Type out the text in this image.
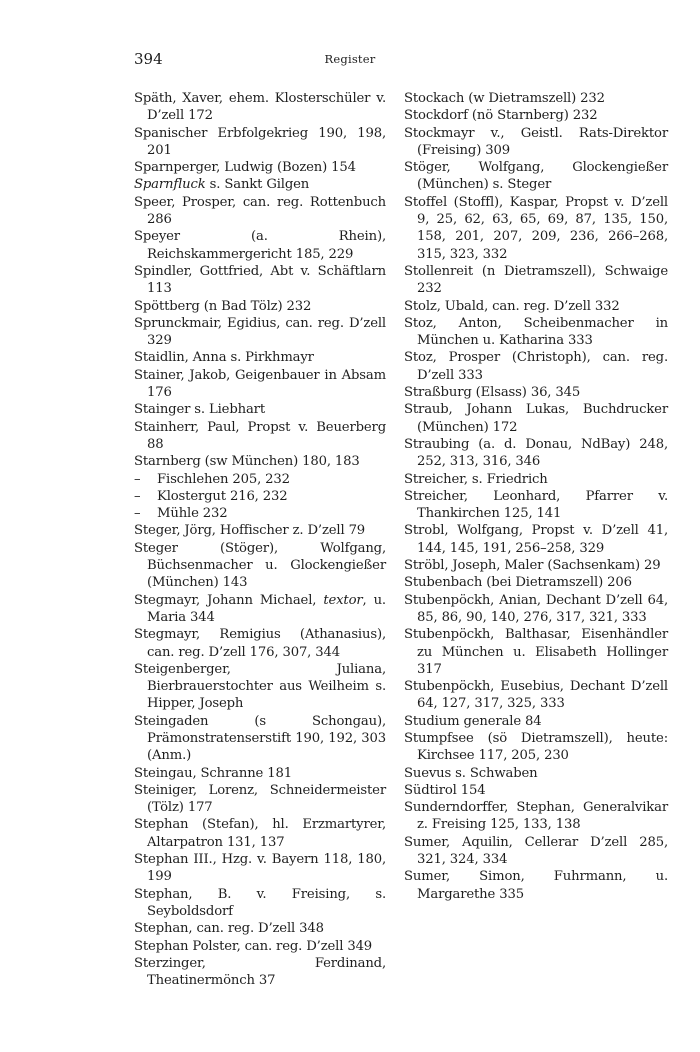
394	Register
Späth, Xaver, ehem. Klosterschüler v. D’zell 172
Spanischer Erbfolgekrieg 190, 198, 201
Sparnperger, Ludwig (Bozen) 154
Sparnfluck s. Sankt Gilgen
Speer, Prosper, can. reg. Rottenbuch 286
Speyer (a. Rhein), Reichskammergericht 185, 229
Spindler, Gottfried, Abt v. Schäftlarn 113
Spöttberg (n Bad Tölz) 232
Sprunckmair, Egidius, can. reg. D’zell 329
Staidlin, Anna s. Pirkhmayr
Stainer, Jakob, Geigenbauer in Absam 176
Stainger s. Liebhart
Stainherr, Paul, Propst v. Beuerberg 88
Starnberg (sw München) 180, 183
– Fischlehen 205, 232
– Klostergut 216, 232
– Mühle 232
Steger, Jörg, Hoffischer z. D’zell 79
Steger (Stöger), Wolfgang, Büchsenmacher u. Glockengießer (München) 143
Stegmayr, Johann Michael, textor, u. Maria 344
Stegmayr, Remigius (Athanasius), can. reg. D’zell 176, 307, 344
Steigenberger, Juliana, Bierbrauerstochter aus Weilheim s. Hipper, Joseph
Steingaden (s Schongau), Prämonstratenserstift 190, 192, 303 (Anm.)
Steingau, Schranne 181
Steiniger, Lorenz, Schneidermeister (Tölz) 177
Stephan (Stefan), hl. Erzmartyrer, Altarpatron 131, 137
Stephan III., Hzg. v. Bayern 118, 180, 199
Stephan, B. v. Freising, s. Seyboldsdorf
Stephan, can. reg. D’zell 348
Stephan Polster, can. reg. D’zell 349
Sterzinger, Ferdinand, Theatinermönch 37
Stockach (w Dietramszell) 232
Stockdorf (nö Starnberg) 232
Stockmayr v., Geistl. Rats-Direktor (Freising) 309
Stöger, Wolfgang, Glockengießer (München) s. Steger
Stoffel (Stoffl), Kaspar, Propst v. D’zell 9, 25, 62, 63, 65, 69, 87, 135, 150, 158, 201, 207, 209, 236, 266–268, 315, 323, 332
Stollenreit (n Dietramszell), Schwaige 232
Stolz, Ubald, can. reg. D’zell 332
Stoz, Anton, Scheibenmacher in München u. Katharina 333
Stoz, Prosper (Christoph), can. reg. D’zell 333
Straßburg (Elsass) 36, 345
Straub, Johann Lukas, Buchdrucker (München) 172
Straubing (a. d. Donau, NdBay) 248, 252, 313, 316, 346
Streicher, s. Friedrich
Streicher, Leonhard, Pfarrer v. Thankirchen 125, 141
Strobl, Wolfgang, Propst v. D’zell 41, 144, 145, 191, 256–258, 329
Ströbl, Joseph, Maler (Sachsenkam) 29
Stubenbach (bei Dietramszell) 206
Stubenpöckh, Anian, Dechant D’zell 64, 85, 86, 90, 140, 276, 317, 321, 333
Stubenpöckh, Balthasar, Eisenhändler zu München u. Elisabeth Hollinger 317
Stubenpöckh, Eusebius, Dechant D’zell 64, 127, 317, 325, 333
Studium generale 84
Stumpfsee (sö Dietramszell), heute: Kirchsee 117, 205, 230
Suevus s. Schwaben
Südtirol 154
Sunderndorffer, Stephan, Generalvikar z. Freising 125, 133, 138
Sumer, Aquilin, Cellerar D’zell 285, 321, 324, 334
Sumer, Simon, Fuhrmann, u. Margarethe 335
